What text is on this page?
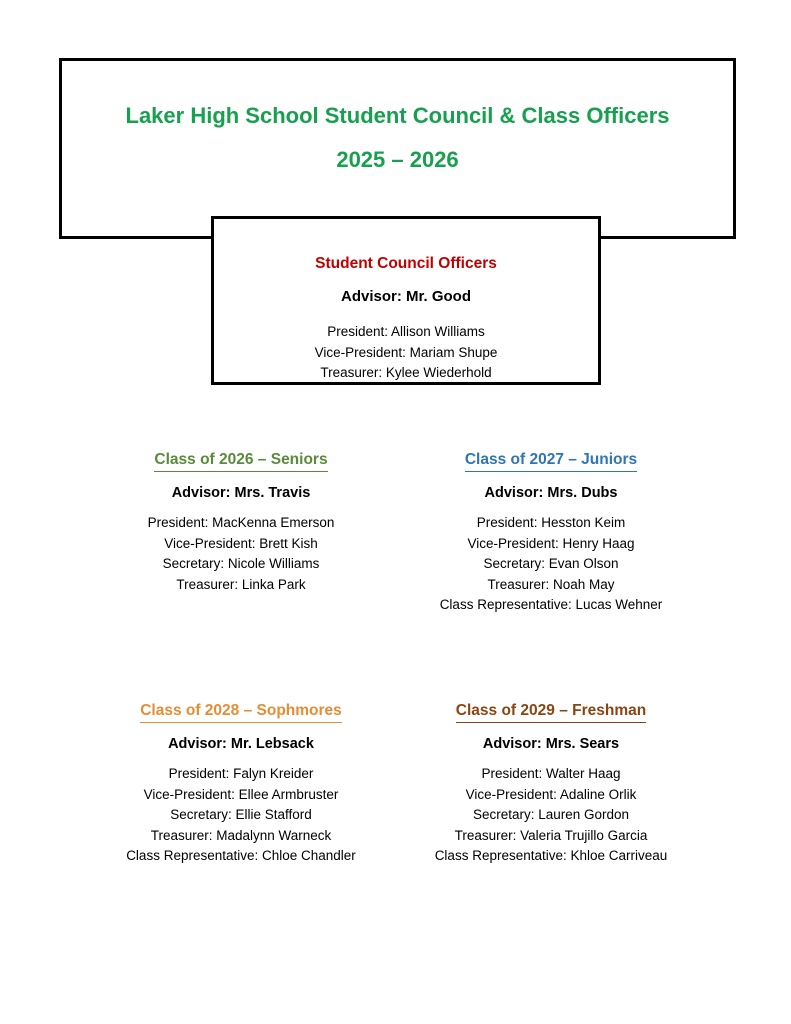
Laker High School Student Council & Class Officers
2025 – 2026
Student Council Officers
Advisor: Mr. Good
President: Allison Williams
Vice-President: Mariam Shupe
Treasurer: Kylee Wiederhold
Class of 2026 – Seniors
Advisor: Mrs. Travis
President: MacKenna Emerson
Vice-President: Brett Kish
Secretary: Nicole Williams
Treasurer: Linka Park
Class of 2027 – Juniors
Advisor: Mrs. Dubs
President: Hesston Keim
Vice-President: Henry Haag
Secretary: Evan Olson
Treasurer: Noah May
Class Representative: Lucas Wehner
Class of 2028 – Sophmores
Advisor: Mr. Lebsack
President: Falyn Kreider
Vice-President: Ellee Armbruster
Secretary: Ellie Stafford
Treasurer: Madalynn Warneck
Class Representative: Chloe Chandler
Class of 2029 – Freshman
Advisor: Mrs. Sears
President: Walter Haag
Vice-President: Adaline Orlik
Secretary: Lauren Gordon
Treasurer: Valeria Trujillo Garcia
Class Representative: Khloe Carriveau
